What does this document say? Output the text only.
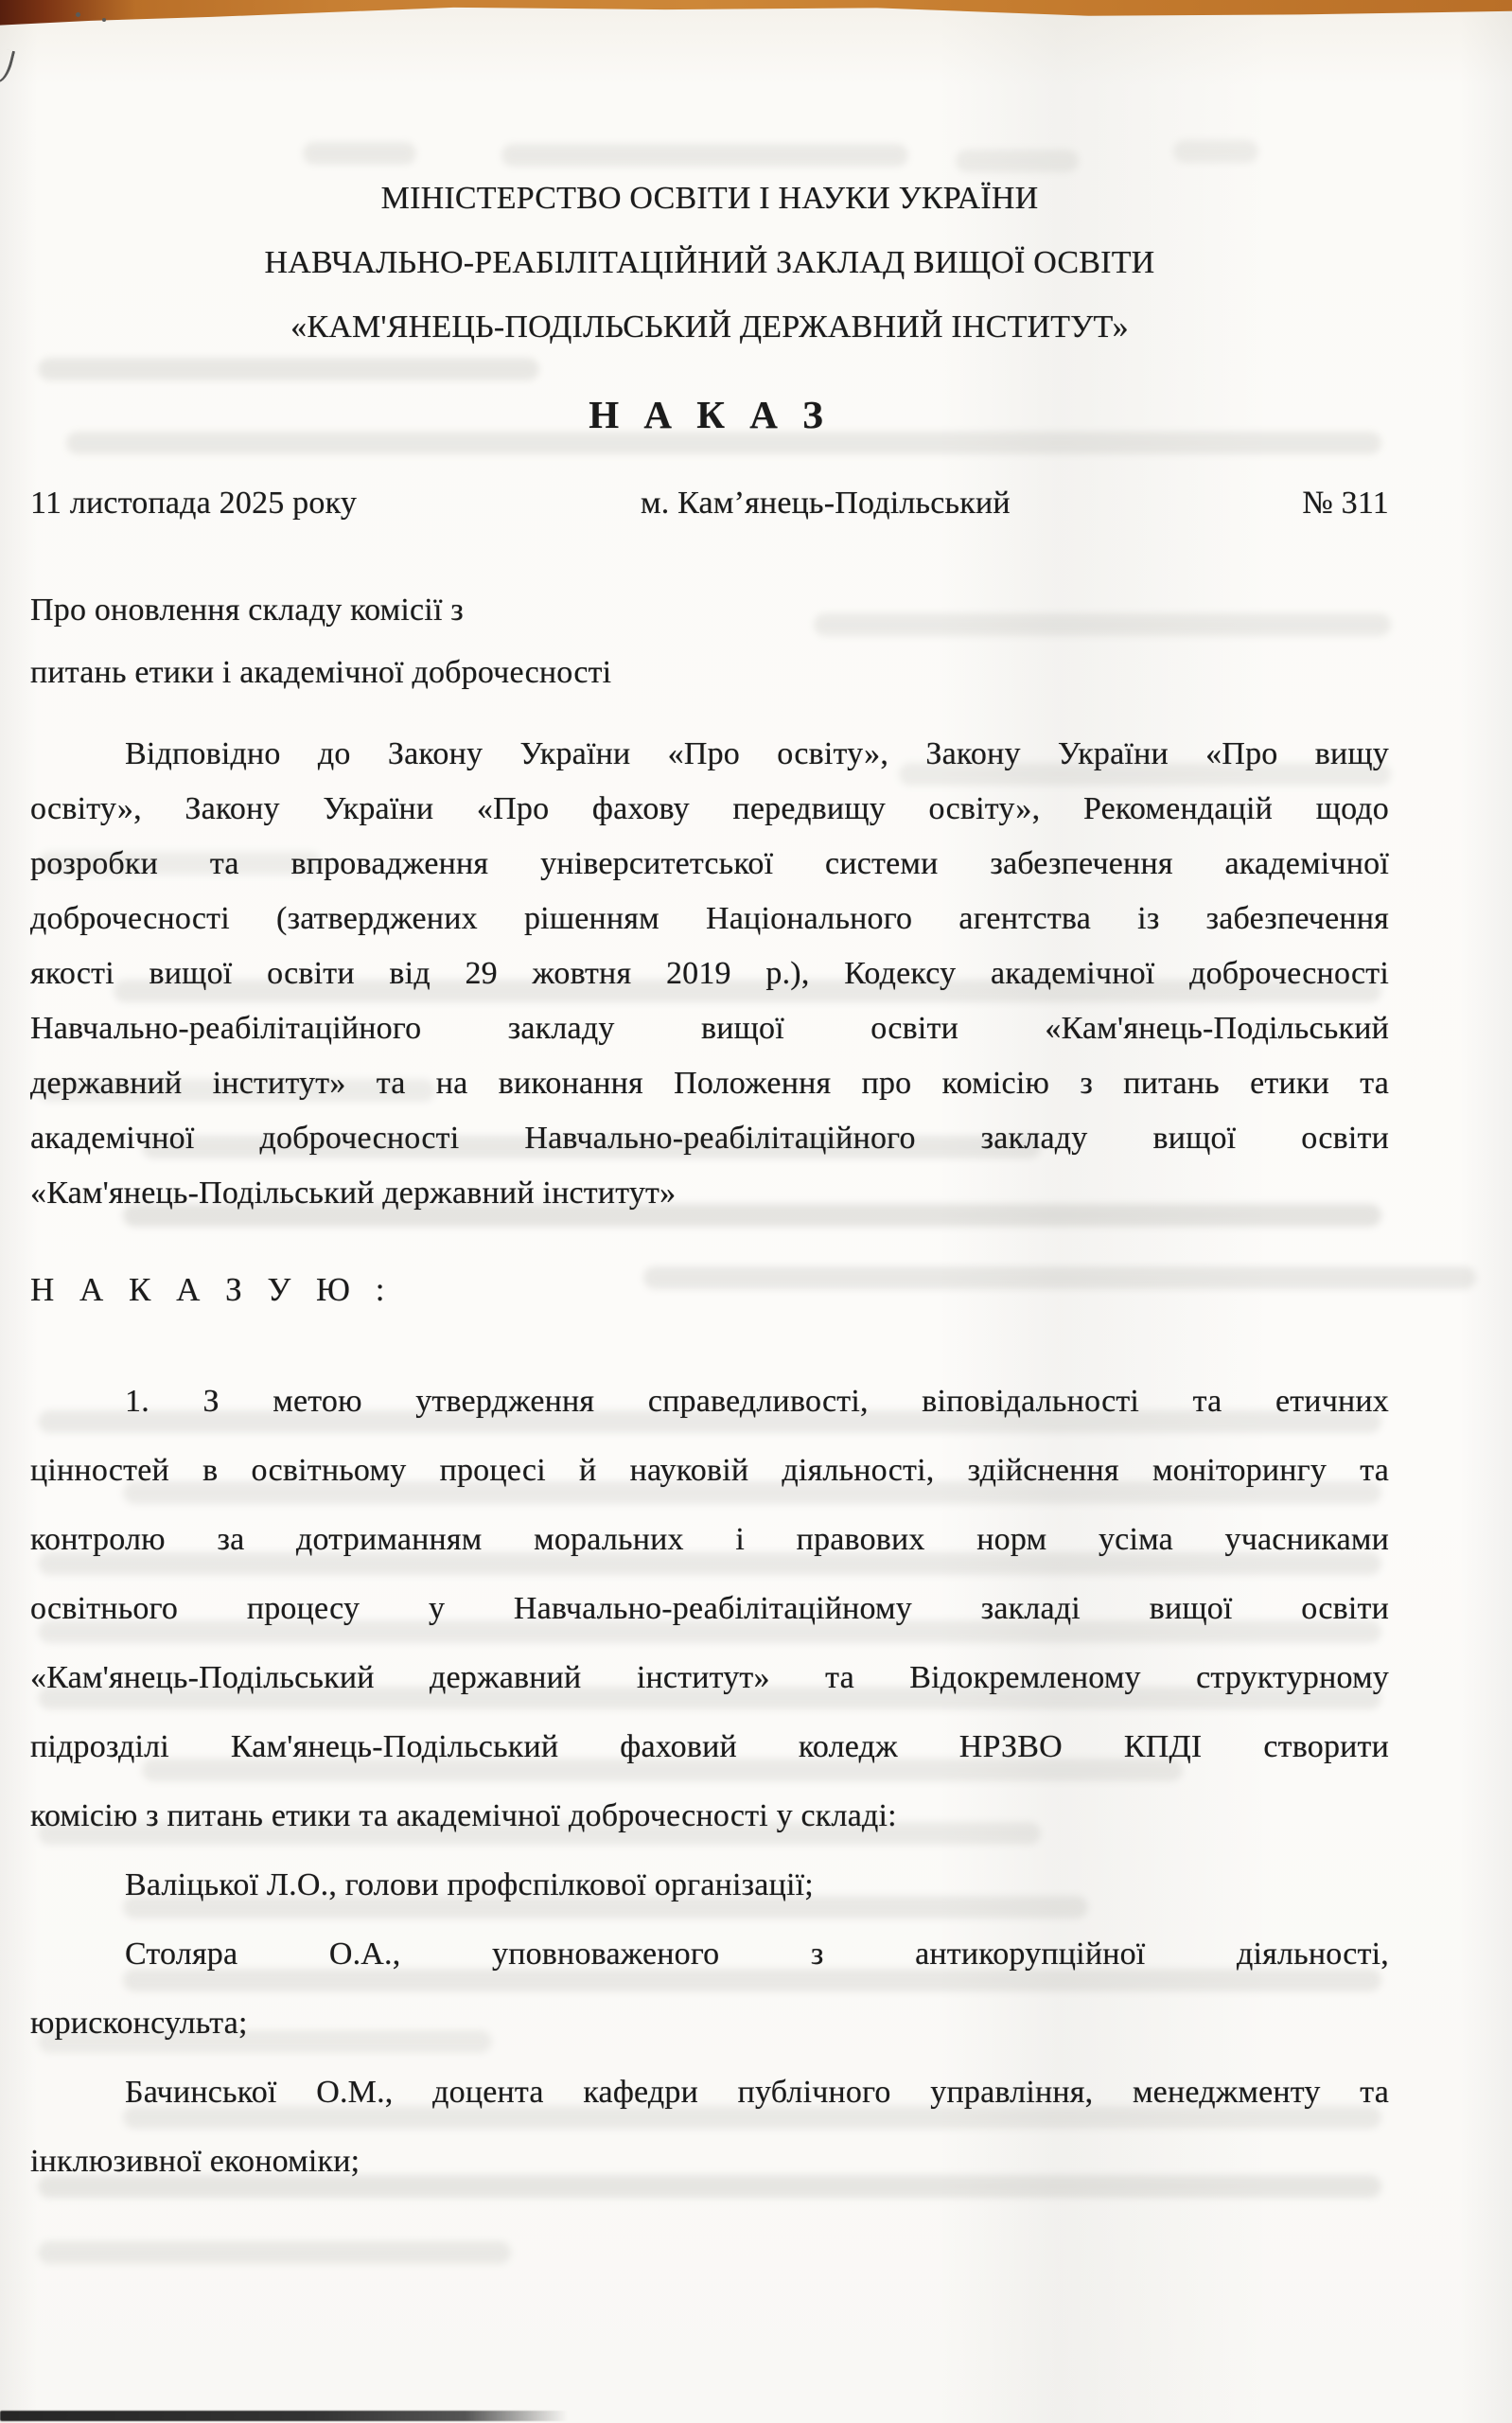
МІНІСТЕРСТВО ОСВІТИ І НАУКИ УКРАЇНИ
НАВЧАЛЬНО-РЕАБІЛІТАЦІЙНИЙ ЗАКЛАД ВИЩОЇ ОСВІТИ
«КАМ'ЯНЕЦЬ-ПОДІЛЬСЬКИЙ ДЕРЖАВНИЙ ІНСТИТУТ»
Н А К А З
11 листопада 2025 року	м. Кам’янець-Подільський	№ 311
Про оновлення складу комісії з
питань етики і академічної доброчесності
Відповідно до Закону України «Про освіту», Закону України «Про вищу
освіту», Закону України «Про фахову передвищу освіту», Рекомендацій щодо
розробки та впровадження університетської системи забезпечення академічної
доброчесності (затверджених рішенням Національного агентства із забезпечення
якості вищої освіти від 29 жовтня 2019 р.), Кодексу академічної доброчесності
Навчально-реабілітаційного закладу вищої освіти «Кам'янець-Подільський
державний інститут» та на виконання Положення про комісію з питань етики та
академічної доброчесності Навчально-реабілітаційного закладу вищої освіти
«Кам'янець-Подільський державний інститут»
Н А К А З У Ю :
1. З метою утвердження справедливості, віповідальності та етичних
цінностей в освітньому процесі й науковій діяльності, здійснення моніторингу та
контролю за дотриманням моральних і правових норм усіма учасниками
освітнього процесу у Навчально-реабілітаційному закладі вищої освіти
«Кам'янець-Подільський державний інститут» та Відокремленому структурному
підрозділі Кам'янець-Подільський фаховий коледж НРЗВО КПДІ створити
комісію з питань етики та академічної доброчесності у складі:
Валіцької Л.О., голови профспілкової організації;
Столяра О.А., уповноваженого з антикорупційної діяльності,
юрисконсульта;
Бачинської О.М., доцента кафедри публічного управління, менеджменту та
інклюзивної економіки;
